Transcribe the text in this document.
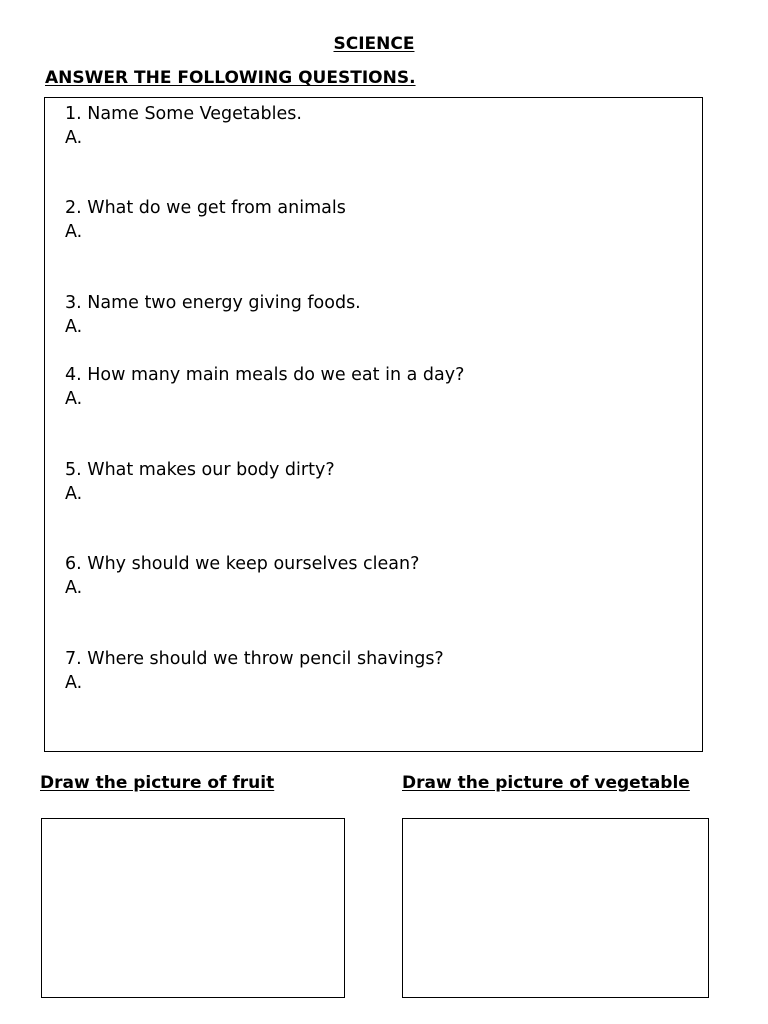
SCIENCE
ANSWER THE FOLLOWING QUESTIONS.
1. Name Some Vegetables.
A.
2. What do we get from animals
A.
3. Name two energy giving foods.
A.
4. How many main meals do we eat in a day?
A.
5. What makes our body dirty?
A.
6. Why should we keep ourselves clean?
A.
7. Where should we throw pencil shavings?
A.
Draw the picture of fruit	Draw the picture of vegetable
